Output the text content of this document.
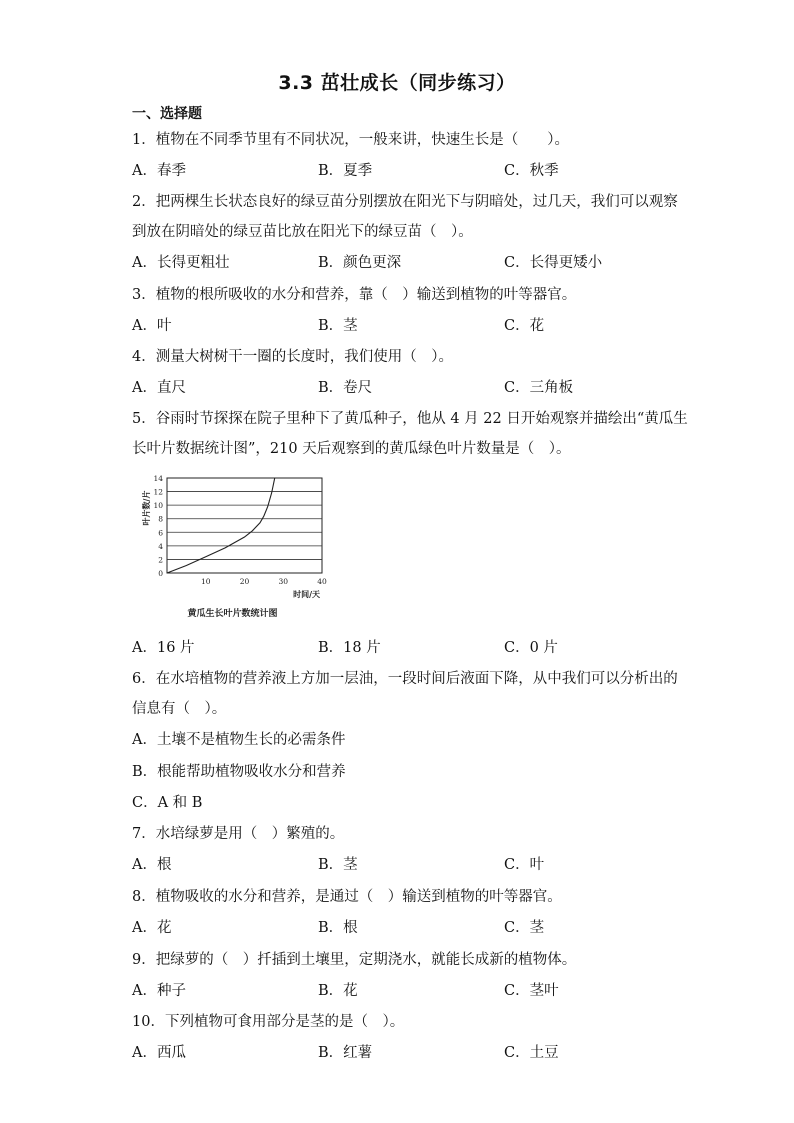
3.3 茁壮成长（同步练习）
一、选择题
1．植物在不同季节里有不同状况，一般来讲，快速生长是（　　）。
A．春季	B．夏季	C．秋季
2．把两棵生长状态良好的绿豆苗分别摆放在阳光下与阴暗处，过几天，我们可以观察
到放在阴暗处的绿豆苗比放在阳光下的绿豆苗（　）。
A．长得更粗壮	B．颜色更深	C．长得更矮小
3．植物的根所吸收的水分和营养，靠（　）输送到植物的叶等器官。
A．叶	B．茎	C．花
4．测量大树树干一圈的长度时，我们使用（　）。
A．直尺	B．卷尺	C．三角板
5．谷雨时节探探在院子里种下了黄瓜种子，他从 4 月 22 日开始观察并描绘出“黄瓜生
长叶片数据统计图”，210 天后观察到的黄瓜绿色叶片数量是（　）。
A．16 片	B．18 片	C．0 片
6．在水培植物的营养液上方加一层油，一段时间后液面下降，从中我们可以分析出的
信息有（　）。
A．土壤不是植物生长的必需条件
B．根能帮助植物吸收水分和营养
C．A 和 B
7．水培绿萝是用（　）繁殖的。
A．根	B．茎	C．叶
8．植物吸收的水分和营养，是通过（　）输送到植物的叶等器官。
A．花	B．根	C．茎
9．把绿萝的（　）扦插到土壤里，定期浇水，就能长成新的植物体。
A．种子	B．花	C．茎叶
10．下列植物可食用部分是茎的是（　）。
A．西瓜	B．红薯	C．土豆
0
2
4
6
8
10
12
14
10	20	30	40
时间/天
叶片数/片
黄瓜生长叶片数统计图
